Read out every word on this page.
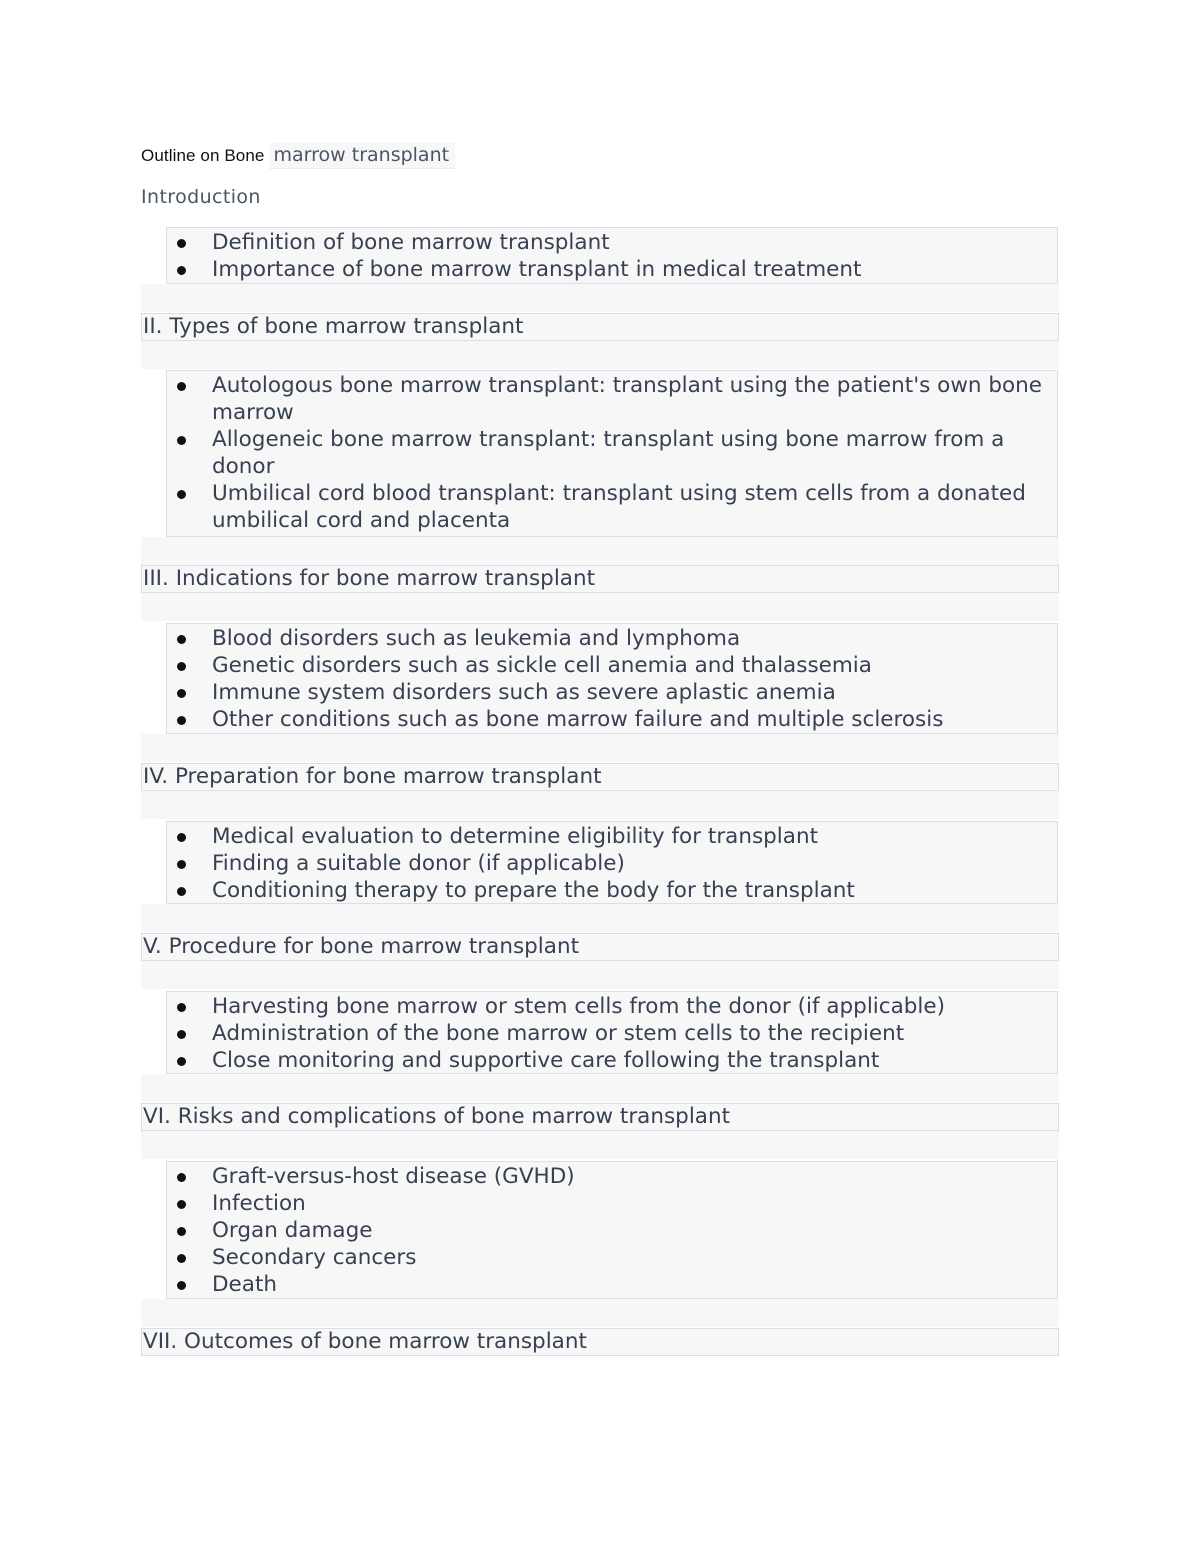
Outline on Bone marrow transplant
Introduction
Definition of bone marrow transplant
Importance of bone marrow transplant in medical treatment
II. Types of bone marrow transplant
Autologous bone marrow transplant: transplant using the patient's own bone marrow
Allogeneic bone marrow transplant: transplant using bone marrow from a donor
Umbilical cord blood transplant: transplant using stem cells from a donated umbilical cord and placenta
III. Indications for bone marrow transplant
Blood disorders such as leukemia and lymphoma
Genetic disorders such as sickle cell anemia and thalassemia
Immune system disorders such as severe aplastic anemia
Other conditions such as bone marrow failure and multiple sclerosis
IV. Preparation for bone marrow transplant
Medical evaluation to determine eligibility for transplant
Finding a suitable donor (if applicable)
Conditioning therapy to prepare the body for the transplant
V. Procedure for bone marrow transplant
Harvesting bone marrow or stem cells from the donor (if applicable)
Administration of the bone marrow or stem cells to the recipient
Close monitoring and supportive care following the transplant
VI. Risks and complications of bone marrow transplant
Graft-versus-host disease (GVHD)
Infection
Organ damage
Secondary cancers
Death
VII. Outcomes of bone marrow transplant
